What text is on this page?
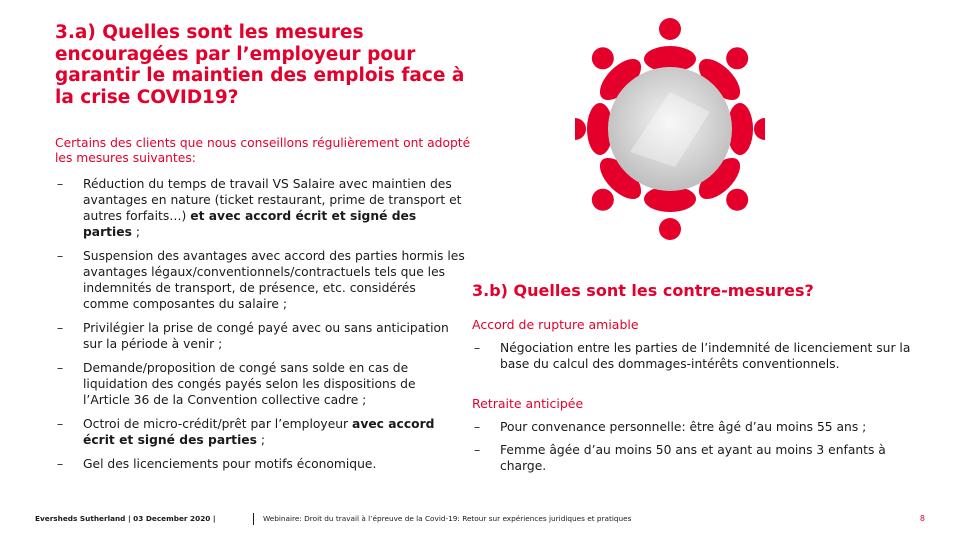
3.a) Quelles sont les mesures encouragées par l’employeur pour garantir le maintien des emplois face à la crise COVID19?

Certains des clients que nous conseillons régulièrement ont adopté les mesures suivantes:

– Réduction du temps de travail VS Salaire avec maintien des avantages en nature (ticket restaurant, prime de transport et autres forfaits…) et avec accord écrit et signé des parties ;
– Suspension des avantages avec accord des parties hormis les avantages légaux/conventionnels/contractuels tels que les indemnités de transport, de présence, etc. considérés comme composantes du salaire ;
– Privilégier la prise de congé payé avec ou sans anticipation sur la période à venir ;
– Demande/proposition de congé sans solde en cas de liquidation des congés payés selon les dispositions de l’Article 36 de la Convention collective cadre ;
– Octroi de micro-crédit/prêt par l’employeur avec accord écrit et signé des parties ;
– Gel des licenciements pour motifs économique.
3.b) Quelles sont les contre-mesures?

Accord de rupture amiable

– Négociation entre les parties de l’indemnité de licenciement sur la base du calcul des dommages-intérêts conventionnels.

Retraite anticipée

– Pour convenance personnelle: être âgé d’au moins 55 ans ;
– Femme âgée d’au moins 50 ans et ayant au moins 3 enfants à charge.
Eversheds Sutherland | 03 December 2020 |	Webinaire: Droit du travail à l’épreuve de la Covid-19: Retour sur expériences juridiques et pratiques	8
